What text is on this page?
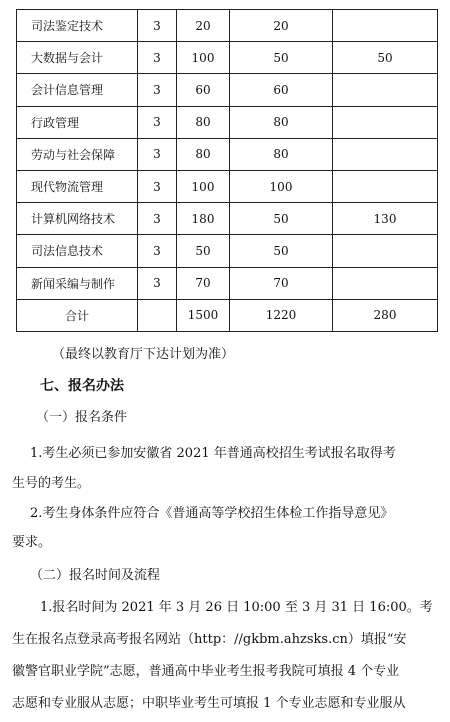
司法鉴定技术	3	20	20	
大数据与会计	3	100	50	50
会计信息管理	3	60	60	
行政管理	3	80	80	
劳动与社会保障	3	80	80	
现代物流管理	3	100	100	
计算机网络技术	3	180	50	130
司法信息技术	3	50	50	
新闻采编与制作	3	70	70	
合计		1500	1220	280
（最终以教育厅下达计划为准）
七、报名办法
（一）报名条件
1.考生必须已参加安徽省 2021 年普通高校招生考试报名取得考
生号的考生。
2.考生身体条件应符合《普通高等学校招生体检工作指导意见》
要求。
（二）报名时间及流程
1.报名时间为 2021 年 3 月 26 日 10:00 至 3 月 31 日 16:00。考
生在报名点登录高考报名网站（http：//gkbm.ahzsks.cn）填报“安
徽警官职业学院”志愿，普通高中毕业考生报考我院可填报 4 个专业
志愿和专业服从志愿；中职毕业考生可填报 1 个专业志愿和专业服从
